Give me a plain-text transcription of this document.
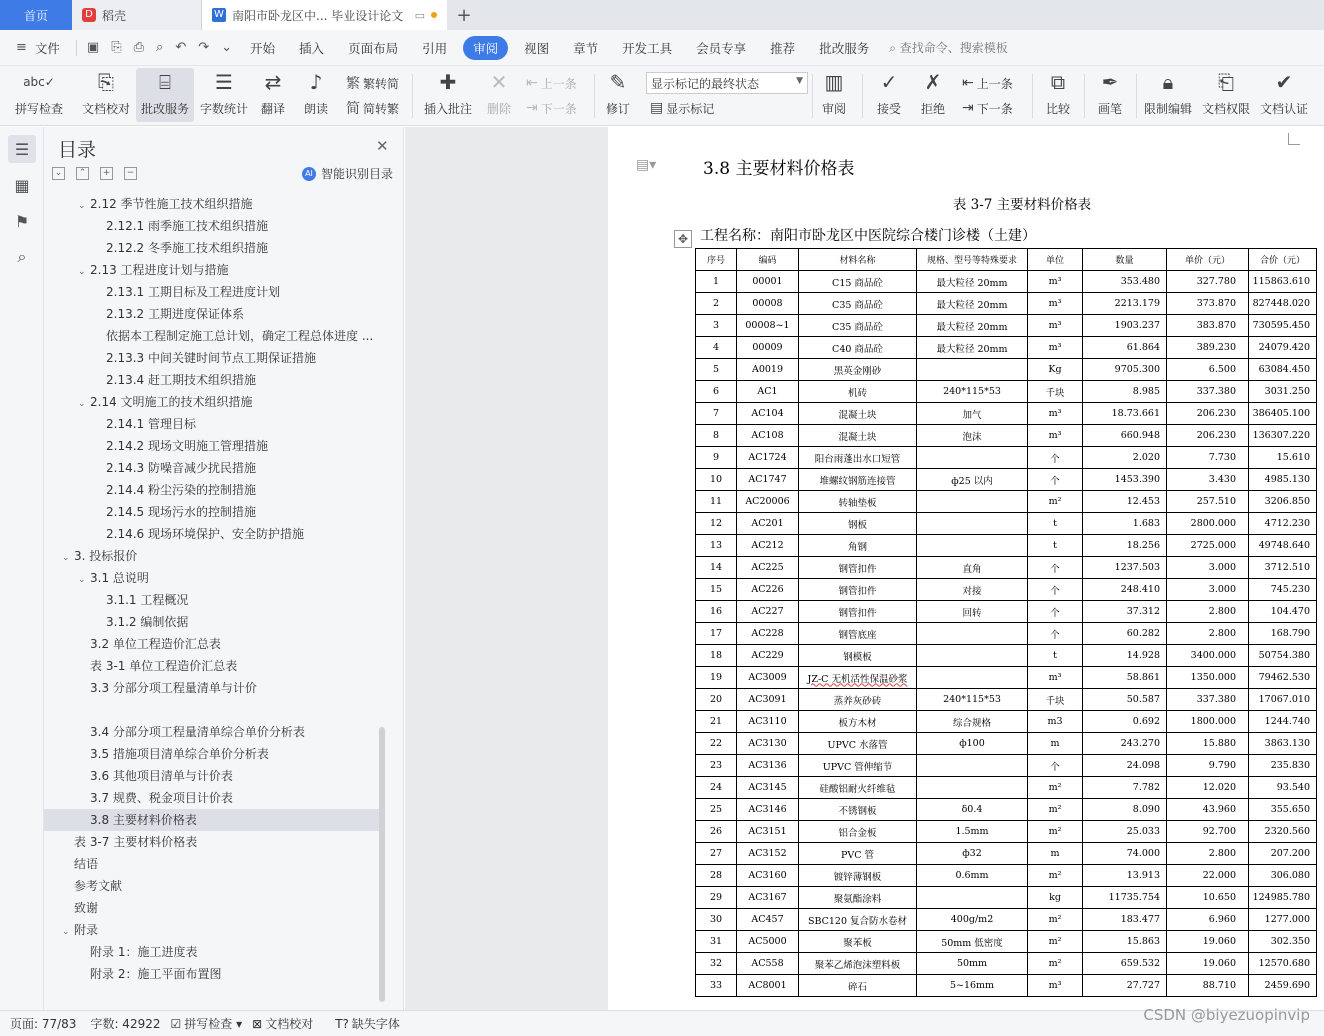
首页	D 稻壳	W 南阳市卧龙区中... 毕业设计论文	▭	+
≡ 文件	▣ ⎘ ⎙ ⌕ ↶ ↷ ⌄	开始	插入	页面布局	引用	审阅	视图	章节	开发工具	会员专享	推荐	批改服务	⌕ 查找命令、搜索模板
abc✓
拼写检查
⎘
文档校对
⌸
批改服务
☰
字数统计
⇄
翻译
♪
朗读
繁 繁转简
简 简转繁
✚
插入批注
✕
删除
⇤ 上一条
⇥ 下一条
✎
修订 ▤ 显示标记
▥
审阅
✓
接受
✗
拒绝
⇤ 上一条
⇥ 下一条
⧉
比较
✒
画笔
🔒︎
限制编辑
⎗
文档权限
✔
文档认证
显示标记的最终状态	▼
☰
▦
⚑
⌕
目录	✕
⌄	⌃	+	−	AI 智能识别目录
⌄ 2.12 季节性施工技术组织措施
2.12.1 雨季施工技术组织措施
2.12.2 冬季施工技术组织措施
⌄ 2.13 工程进度计划与措施
2.13.1 工期目标及工程进度计划
2.13.2 工期进度保证体系
依据本工程制定施工总计划，确定工程总体进度 ...
2.13.3 中间关键时间节点工期保证措施
2.13.4 赶工期技术组织措施
⌄ 2.14 文明施工的技术组织措施
2.14.1 管理目标
2.14.2 现场文明施工管理措施
2.14.3 防噪音减少扰民措施
2.14.4 粉尘污染的控制措施
2.14.5 现场污水的控制措施
2.14.6 现场环境保护、安全防护措施
⌄ 3. 投标报价
⌄ 3.1 总说明
3.1.1 工程概况
3.1.2 编制依据
3.2 单位工程造价汇总表
表 3-1 单位工程造价汇总表
3.3 分部分项工程量清单与计价
3.4 分部分项工程量清单综合单价分析表
3.5 措施项目清单综合单价分析表
3.6 其他项目清单与计价表
3.7 规费、税金项目计价表
3.8 主要材料价格表
表 3-7 主要材料价格表
结语
参考文献
致谢
⌄ 附录
附录 1：施工进度表
附录 2：施工平面布置图
▤▾	3.8 主要材料价格表
表 3-7 主要材料价格表
✥ 工程名称：南阳市卧龙区中医院综合楼门诊楼（土建）
序号	编码	材料名称	规格、型号等特殊要求	单位	数量	单价（元）	合价（元）
1	00001	C15 商品砼	最大粒径 20mm	m³	353.480	327.780	115863.610
2	00008	C35 商品砼	最大粒径 20mm	m³	2213.179	373.870	827448.020
3	00008~1	C35 商品砼	最大粒径 20mm	m³	1903.237	383.870	730595.450
4	00009	C40 商品砼	最大粒径 20mm	m³	61.864	389.230	24079.420
5	A0019	黑英金刚砂		Kg	9705.300	6.500	63084.450
6	AC1	机砖	240*115*53	千块	8.985	337.380	3031.250
7	AC104	混凝土块	加气	m³	18.73.661	206.230	386405.100
8	AC108	混凝土块	泡沫	m³	660.948	206.230	136307.220
9	AC1724	阳台雨蓬出水口短管		个	2.020	7.730	15.610
10	AC1747	堆螺纹钢筋连接管	ф25 以内	个	1453.390	3.430	4985.130
11	AC20006	转轴垫板		m²	12.453	257.510	3206.850
12	AC201	钢板		t	1.683	2800.000	4712.230
13	AC212	角钢		t	18.256	2725.000	49748.640
14	AC225	钢管扣件	直角	个	1237.503	3.000	3712.510
15	AC226	钢管扣件	对接	个	248.410	3.000	745.230
16	AC227	钢管扣件	回转	个	37.312	2.800	104.470
17	AC228	钢管底座		个	60.282	2.800	168.790
18	AC229	钢模板		t	14.928	3400.000	50754.380
19	AC3009	JZ-C 无机活性保温砂浆		m³	58.861	1350.000	79462.530
20	AC3091	蒸养灰砂砖	240*115*53	千块	50.587	337.380	17067.010
21	AC3110	板方木材	综合规格	m3	0.692	1800.000	1244.740
22	AC3130	UPVC 水落管	ф100	m	243.270	15.880	3863.130
23	AC3136	UPVC 管伸缩节		个	24.098	9.790	235.830
24	AC3145	硅酸铝耐火纤维毡		m²	7.782	12.020	93.540
25	AC3146	不锈钢板	δ0.4	m²	8.090	43.960	355.650
26	AC3151	铝合金板	1.5mm	m²	25.033	92.700	2320.560
27	AC3152	PVC 管	ф32	m	74.000	2.800	207.200
28	AC3160	镀锌薄钢板	0.6mm	m²	13.913	22.000	306.080
29	AC3167	聚氨酯涂料		kg	11735.754	10.650	124985.780
30	AC457	SBC120 复合防水卷材	400g/m2	m²	183.477	6.960	1277.000
31	AC5000	聚苯板	50mm 低密度	m²	15.863	19.060	302.350
32	AC558	聚苯乙烯泡沫塑料板	50mm	m²	659.532	19.060	12570.680
33	AC8001	碎石	5~16mm	m³	27.727	88.710	2459.690
页面: 77/83 字数: 42922 ☑ 拼写检查 ▾ ⊠ 文档校对 T? 缺失字体	CSDN @biyezuopinvip
